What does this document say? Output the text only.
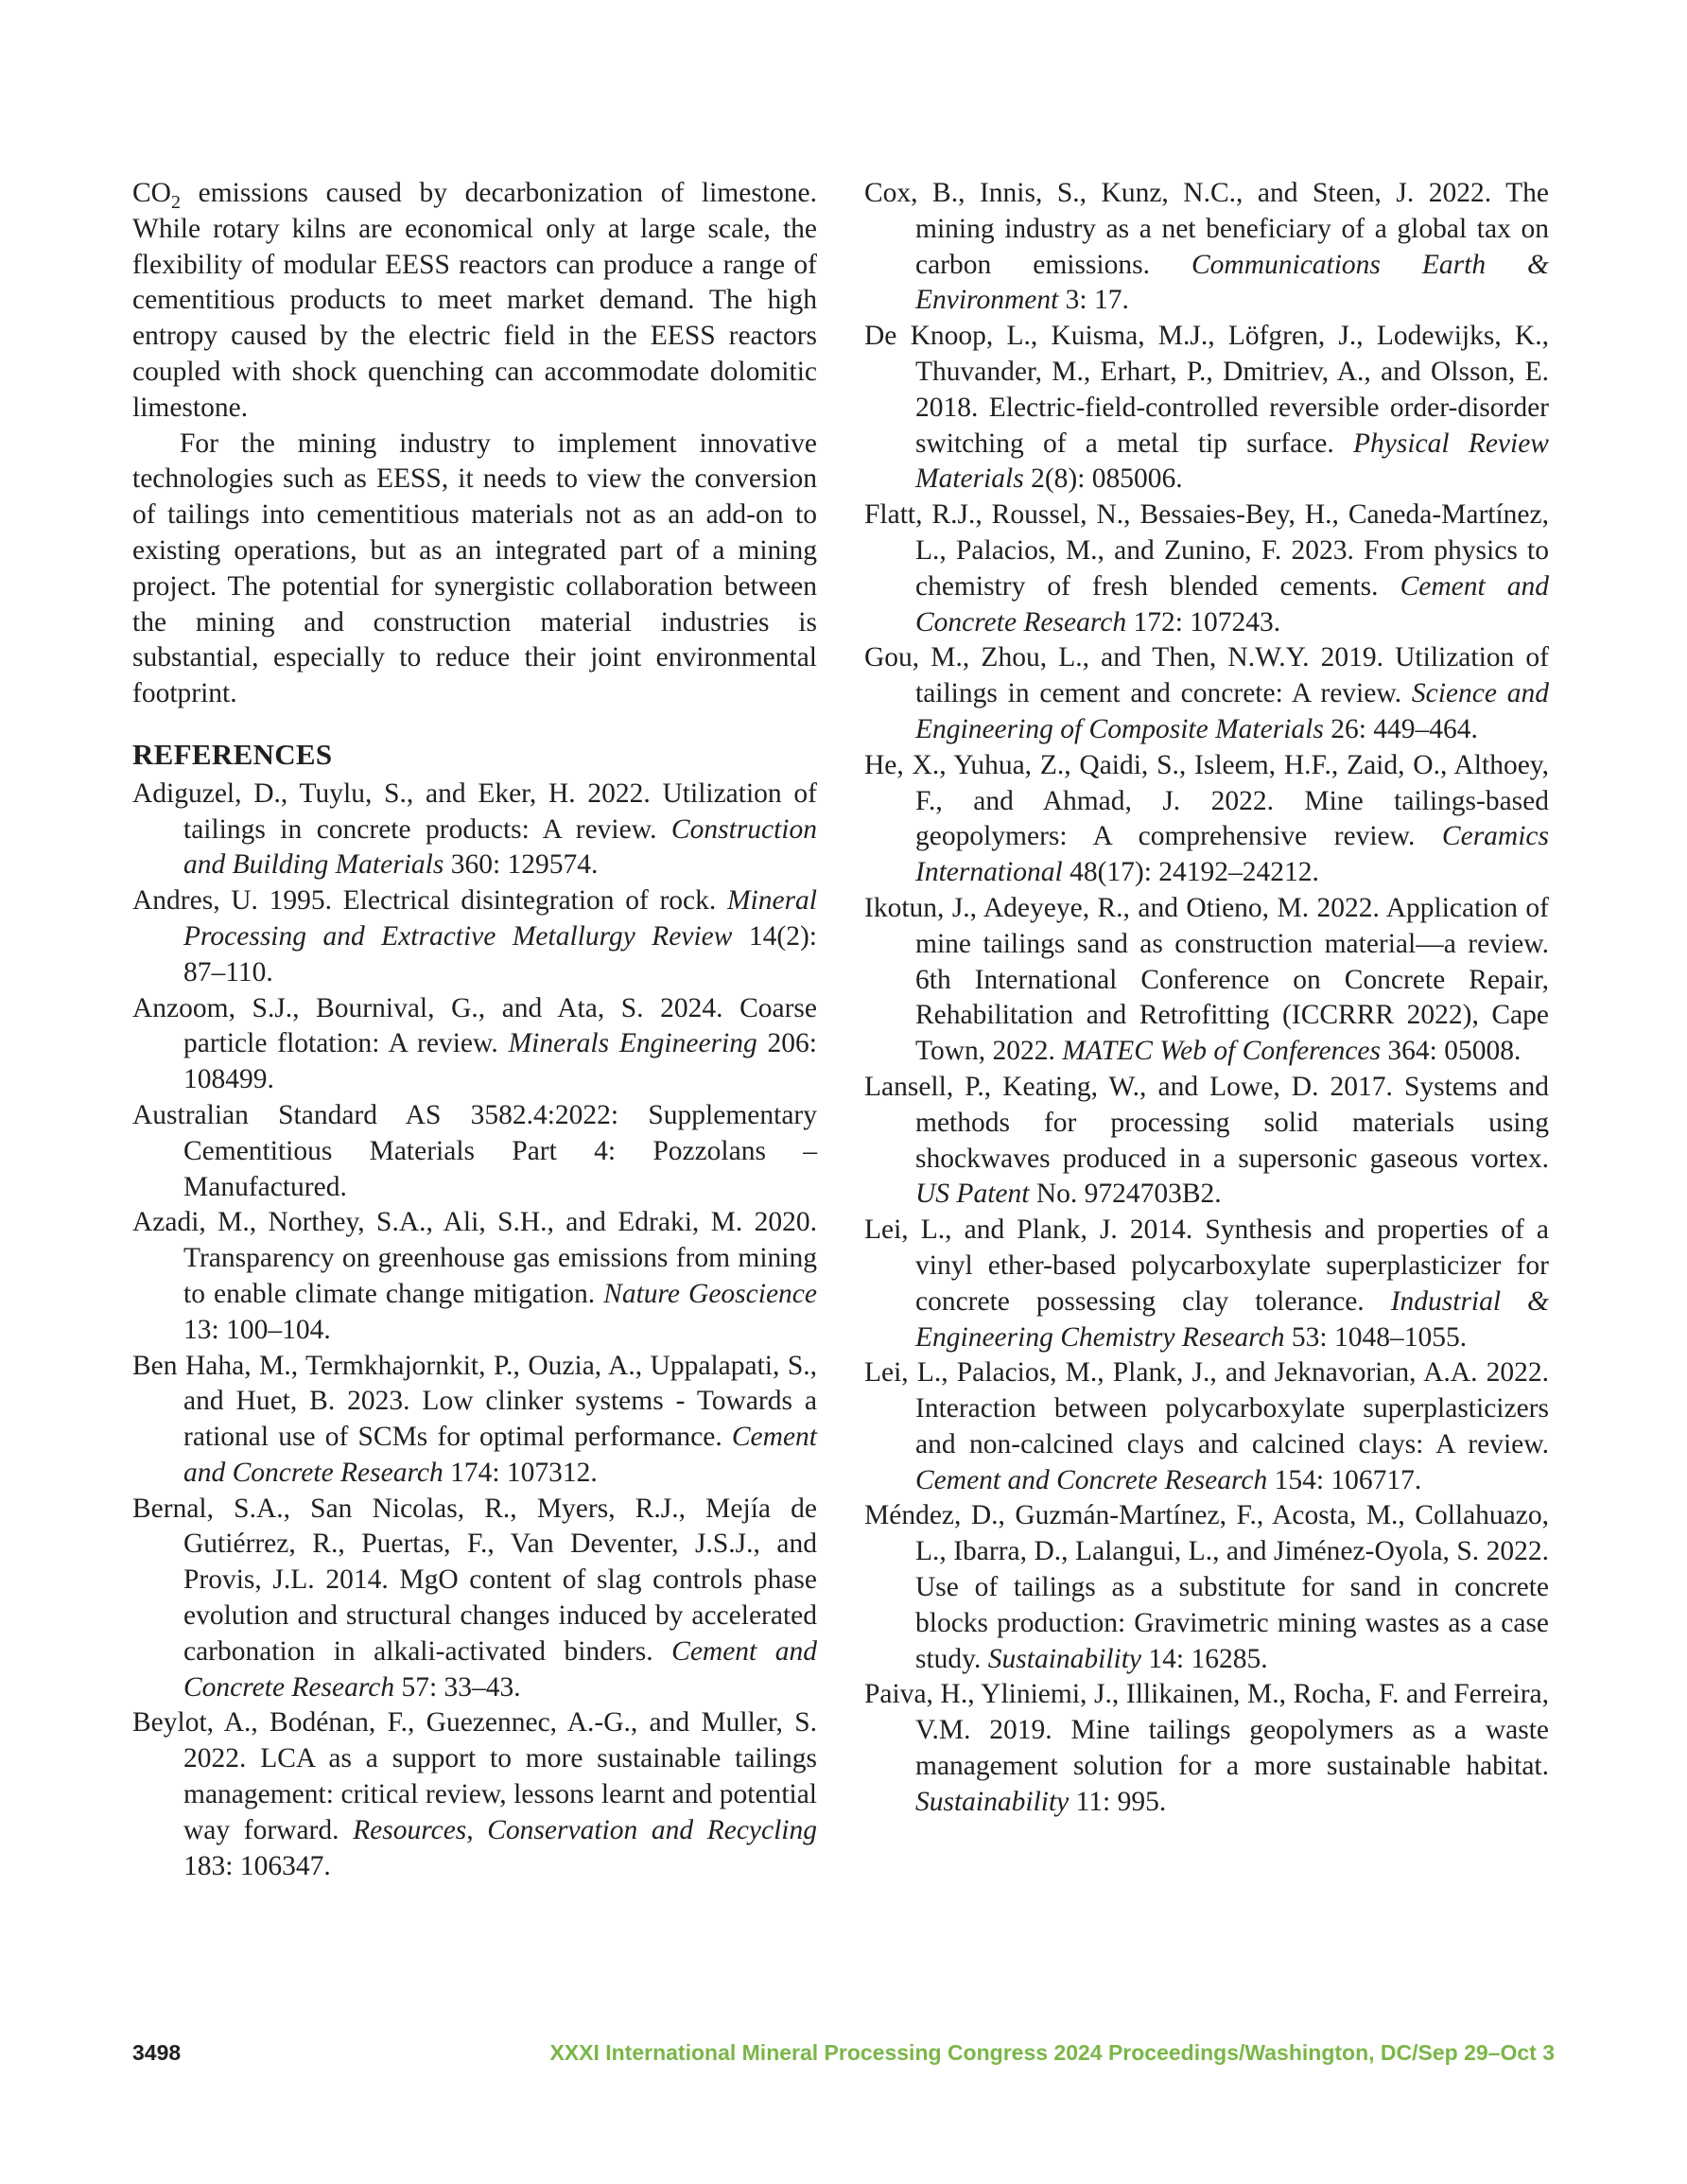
$CO_2$ emissions caused by decarbonization of limestone. While rotary kilns are economical only at large scale, the flexibility of modular EESS reactors can produce a range of cementitious products to meet market demand. The high entropy caused by the electric field in the EESS reactors coupled with shock quenching can accommodate dolomitic limestone.

For the mining industry to implement innovative technologies such as EESS, it needs to view the conversion of tailings into cementitious materials not as an add-on to existing operations, but as an integrated part of a mining project. The potential for synergistic collaboration between the mining and construction material industries is substantial, especially to reduce their joint environmental footprint.

REFERENCES

Adiguzel, D., Tuylu, S., and Eker, H. 2022. Utilization of tailings in concrete products: A review. Construction and Building Materials 360: 129574.

Andres, U. 1995. Electrical disintegration of rock. Mineral Processing and Extractive Metallurgy Review 14(2): 87–110.

Anzoom, S.J., Bournival, G., and Ata, S. 2024. Coarse particle flotation: A review. Minerals Engineering 206: 108499.

Australian Standard AS 3582.4:2022: Supplementary Cementitious Materials Part 4: Pozzolans – Manufactured.

Azadi, M., Northey, S.A., Ali, S.H., and Edraki, M. 2020. Transparency on greenhouse gas emissions from mining to enable climate change mitigation. Nature Geoscience 13: 100–104.

Ben Haha, M., Termkhajornkit, P., Ouzia, A., Uppalapati, S., and Huet, B. 2023. Low clinker systems - Towards a rational use of SCMs for optimal performance. Cement and Concrete Research 174: 107312.

Bernal, S.A., San Nicolas, R., Myers, R.J., Mejía de Gutiérrez, R., Puertas, F., Van Deventer, J.S.J., and Provis, J.L. 2014. MgO content of slag controls phase evolution and structural changes induced by accelerated carbonation in alkali-activated binders. Cement and Concrete Research 57: 33–43.

Beylot, A., Bodénan, F., Guezennec, A.-G., and Muller, S. 2022. LCA as a support to more sustainable tailings management: critical review, lessons learnt and potential way forward. Resources, Conservation and Recycling 183: 106347.

Cox, B., Innis, S., Kunz, N.C., and Steen, J. 2022. The mining industry as a net beneficiary of a global tax on carbon emissions. Communications Earth & Environment 3: 17.

De Knoop, L., Kuisma, M.J., Löfgren, J., Lodewijks, K., Thuvander, M., Erhart, P., Dmitriev, A., and Olsson, E. 2018. Electric-field-controlled reversible order-disorder switching of a metal tip surface. Physical Review Materials 2(8): 085006.

Flatt, R.J., Roussel, N., Bessaies-Bey, H., Caneda-Martínez, L., Palacios, M., and Zunino, F. 2023. From physics to chemistry of fresh blended cements. Cement and Concrete Research 172: 107243.

Gou, M., Zhou, L., and Then, N.W.Y. 2019. Utilization of tailings in cement and concrete: A review. Science and Engineering of Composite Materials 26: 449–464.

He, X., Yuhua, Z., Qaidi, S., Isleem, H.F., Zaid, O., Althoey, F., and Ahmad, J. 2022. Mine tailings-based geopolymers: A comprehensive review. Ceramics International 48(17): 24192–24212.

Ikotun, J., Adeyeye, R., and Otieno, M. 2022. Application of mine tailings sand as construction material—a review. 6th International Conference on Concrete Repair, Rehabilitation and Retrofitting (ICCRRR 2022), Cape Town, 2022. MATEC Web of Conferences 364: 05008.

Lansell, P., Keating, W., and Lowe, D. 2017. Systems and methods for processing solid materials using shockwaves produced in a supersonic gaseous vortex. US Patent No. 9724703B2.

Lei, L., and Plank, J. 2014. Synthesis and properties of a vinyl ether-based polycarboxylate superplasticizer for concrete possessing clay tolerance. Industrial & Engineering Chemistry Research 53: 1048–1055.

Lei, L., Palacios, M., Plank, J., and Jeknavorian, A.A. 2022. Interaction between polycarboxylate superplasticizers and non-calcined clays and calcined clays: A review. Cement and Concrete Research 154: 106717.

Méndez, D., Guzmán-Martínez, F., Acosta, M., Collahuazo, L., Ibarra, D., Lalangui, L., and Jiménez-Oyola, S. 2022. Use of tailings as a substitute for sand in concrete blocks production: Gravimetric mining wastes as a case study. Sustainability 14: 16285.

Paiva, H., Yliniemi, J., Illikainen, M., Rocha, F. and Ferreira, V.M. 2019. Mine tailings geopolymers as a waste management solution for a more sustainable habitat. Sustainability 11: 995.

3498	XXXI International Mineral Processing Congress 2024 Proceedings/Washington, DC/Sep 29–Oct 3
